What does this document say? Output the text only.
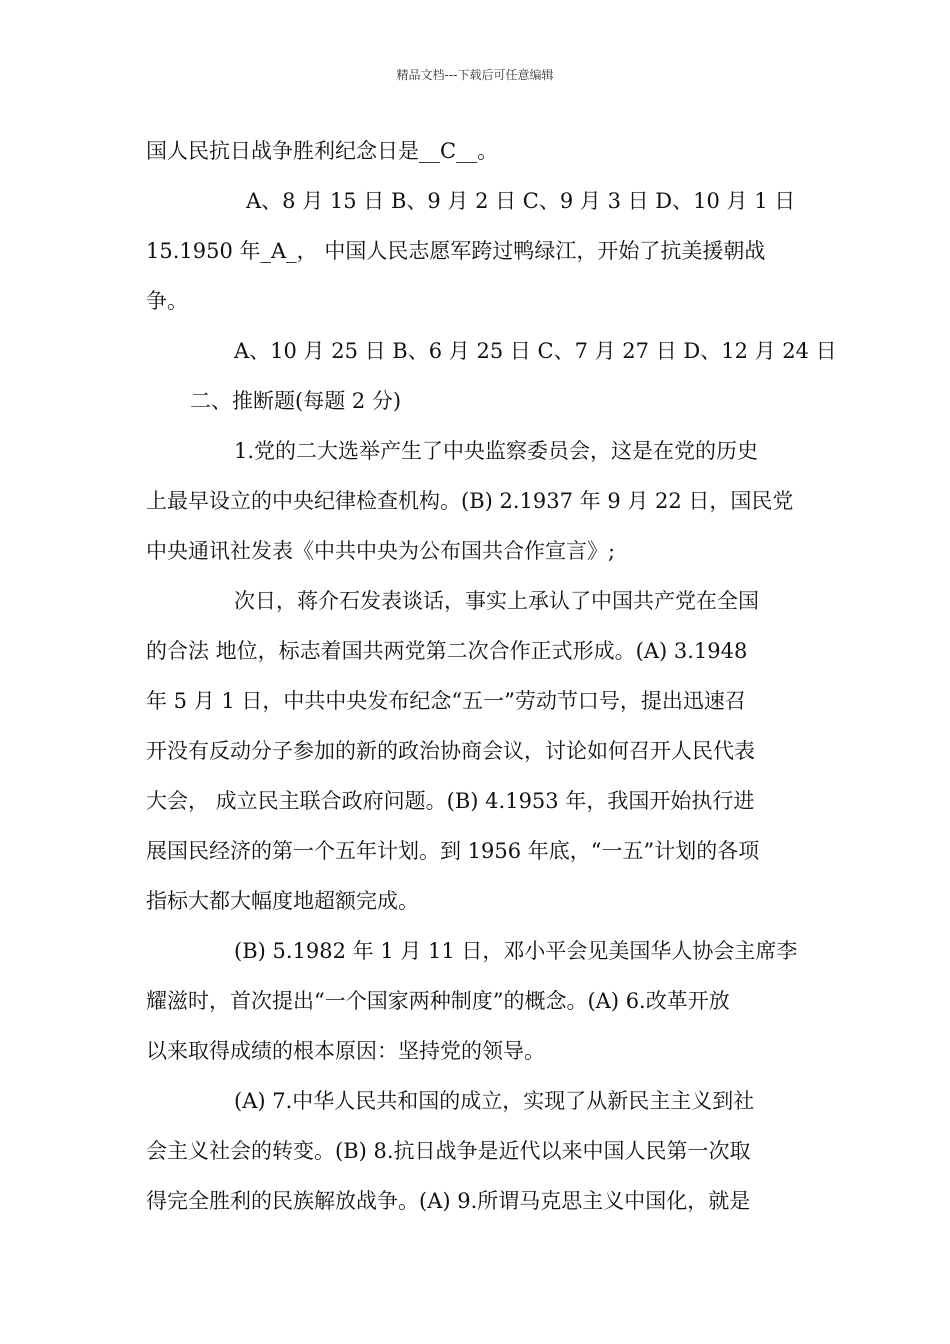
精品文档---下载后可任意编辑
国人民抗日战争胜利纪念日是__C__。
A、8 月 15 日 B、9 月 2 日 C、9 月 3 日 D、10 月 1 日
15.1950 年_A_， 中国人民志愿军跨过鸭绿江，开始了抗美援朝战
争。
A、10 月 25 日 B、6 月 25 日 C、7 月 27 日 D、12 月 24 日
二、推断题(每题 2 分)
1.党的二大选举产生了中央监察委员会，这是在党的历史
上最早设立的中央纪律检查机构。(B) 2.1937 年 9 月 22 日，国民党
中央通讯社发表《中共中央为公布国共合作宣言》;
次日，蒋介石发表谈话，事实上承认了中国共产党在全国
的合法 地位，标志着国共两党第二次合作正式形成。(A) 3.1948
年 5 月 1 日，中共中央发布纪念“五一”劳动节口号，提出迅速召
开没有反动分子参加的新的政治协商会议，讨论如何召开人民代表
大会， 成立民主联合政府问题。(B) 4.1953 年，我国开始执行进
展国民经济的第一个五年计划。到 1956 年底，“一五”计划的各项
指标大都大幅度地超额完成。
(B) 5.1982 年 1 月 11 日，邓小平会见美国华人协会主席李
耀滋时，首次提出“一个国家两种制度”的概念。(A) 6.改革开放
以来取得成绩的根本原因：坚持党的领导。
(A) 7.中华人民共和国的成立，实现了从新民主主义到社
会主义社会的转变。(B) 8.抗日战争是近代以来中国人民第一次取
得完全胜利的民族解放战争。(A) 9.所谓马克思主义中国化，就是
